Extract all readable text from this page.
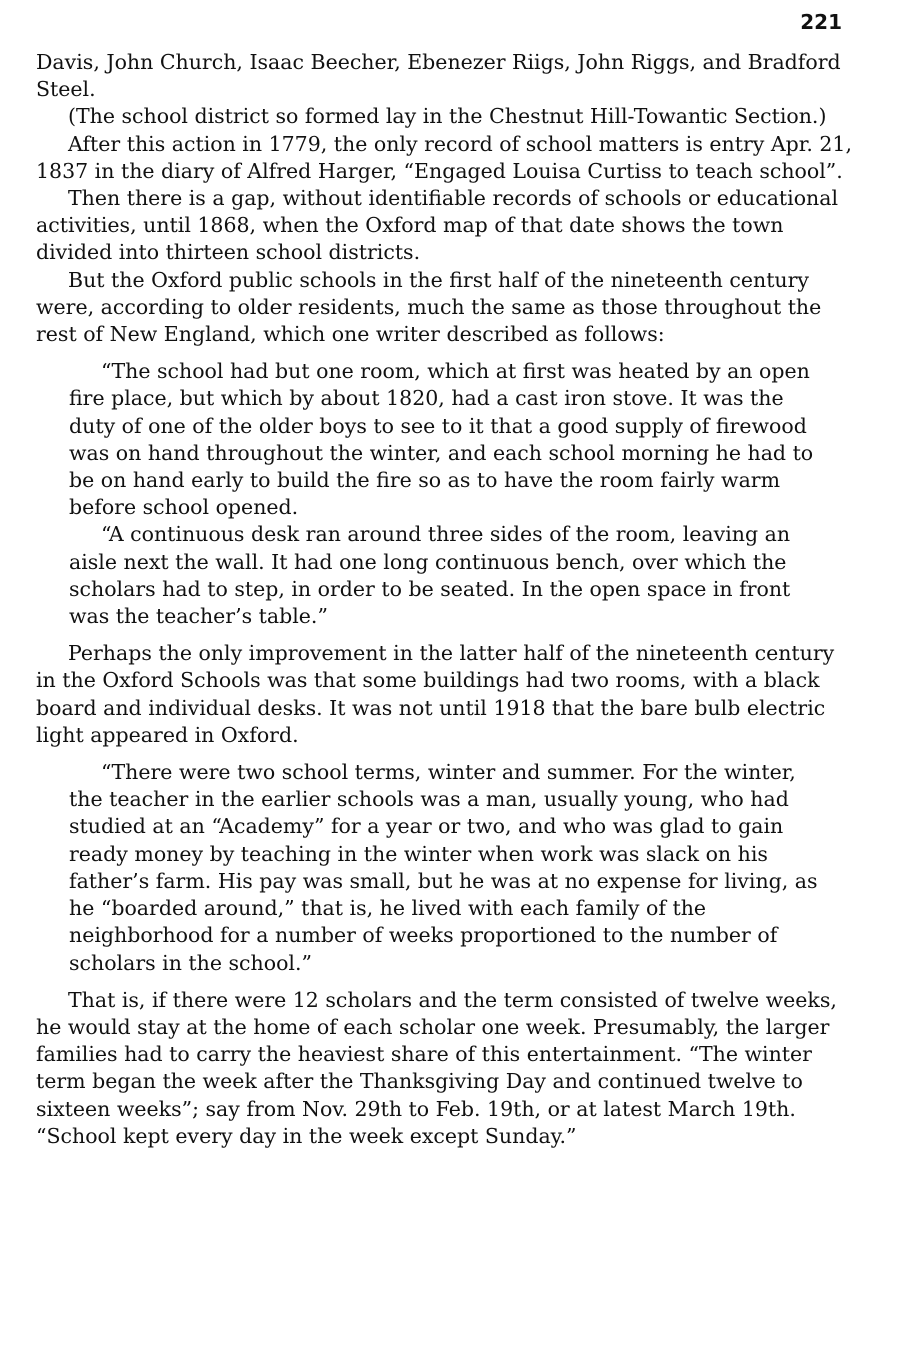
221

Davis, John Church, Isaac Beecher, Ebenezer Riigs, John Riggs, and Bradford Steel.

(The school district so formed lay in the Chestnut Hill-Towantic Section.)

After this action in 1779, the only record of school matters is entry Apr. 21, 1837 in the diary of Alfred Harger, “Engaged Louisa Curtiss to teach school”.

Then there is a gap, without identifiable records of schools or educational activities, until 1868, when the Oxford map of that date shows the town divided into thirteen school districts.

But the Oxford public schools in the first half of the nineteenth century were, according to older residents, much the same as those throughout the rest of New England, which one writer described as follows:

“The school had but one room, which at first was heated by an open fire place, but which by about 1820, had a cast iron stove. It was the duty of one of the older boys to see to it that a good supply of firewood was on hand throughout the winter, and each school morning he had to be on hand early to build the fire so as to have the room fairly warm before school opened.

“A continuous desk ran around three sides of the room, leaving an aisle next the wall. It had one long continuous bench, over which the scholars had to step, in order to be seated. In the open space in front was the teacher’s table.”

Perhaps the only improvement in the latter half of the nineteenth century in the Oxford Schools was that some buildings had two rooms, with a black board and individual desks. It was not until 1918 that the bare bulb electric light appeared in Oxford.

“There were two school terms, winter and summer. For the winter, the teacher in the earlier schools was a man, usually young, who had studied at an “Academy” for a year or two, and who was glad to gain ready money by teaching in the winter when work was slack on his father’s farm. His pay was small, but he was at no expense for living, as he “boarded around,” that is, he lived with each family of the neighborhood for a number of weeks proportioned to the number of scholars in the school.”

That is, if there were 12 scholars and the term consisted of twelve weeks, he would stay at the home of each scholar one week. Presumably, the larger families had to carry the heaviest share of this entertainment. “The winter term began the week after the Thanksgiving Day and continued twelve to sixteen weeks”; say from Nov. 29th to Feb. 19th, or at latest March 19th. “School kept every day in the week except Sunday.”
